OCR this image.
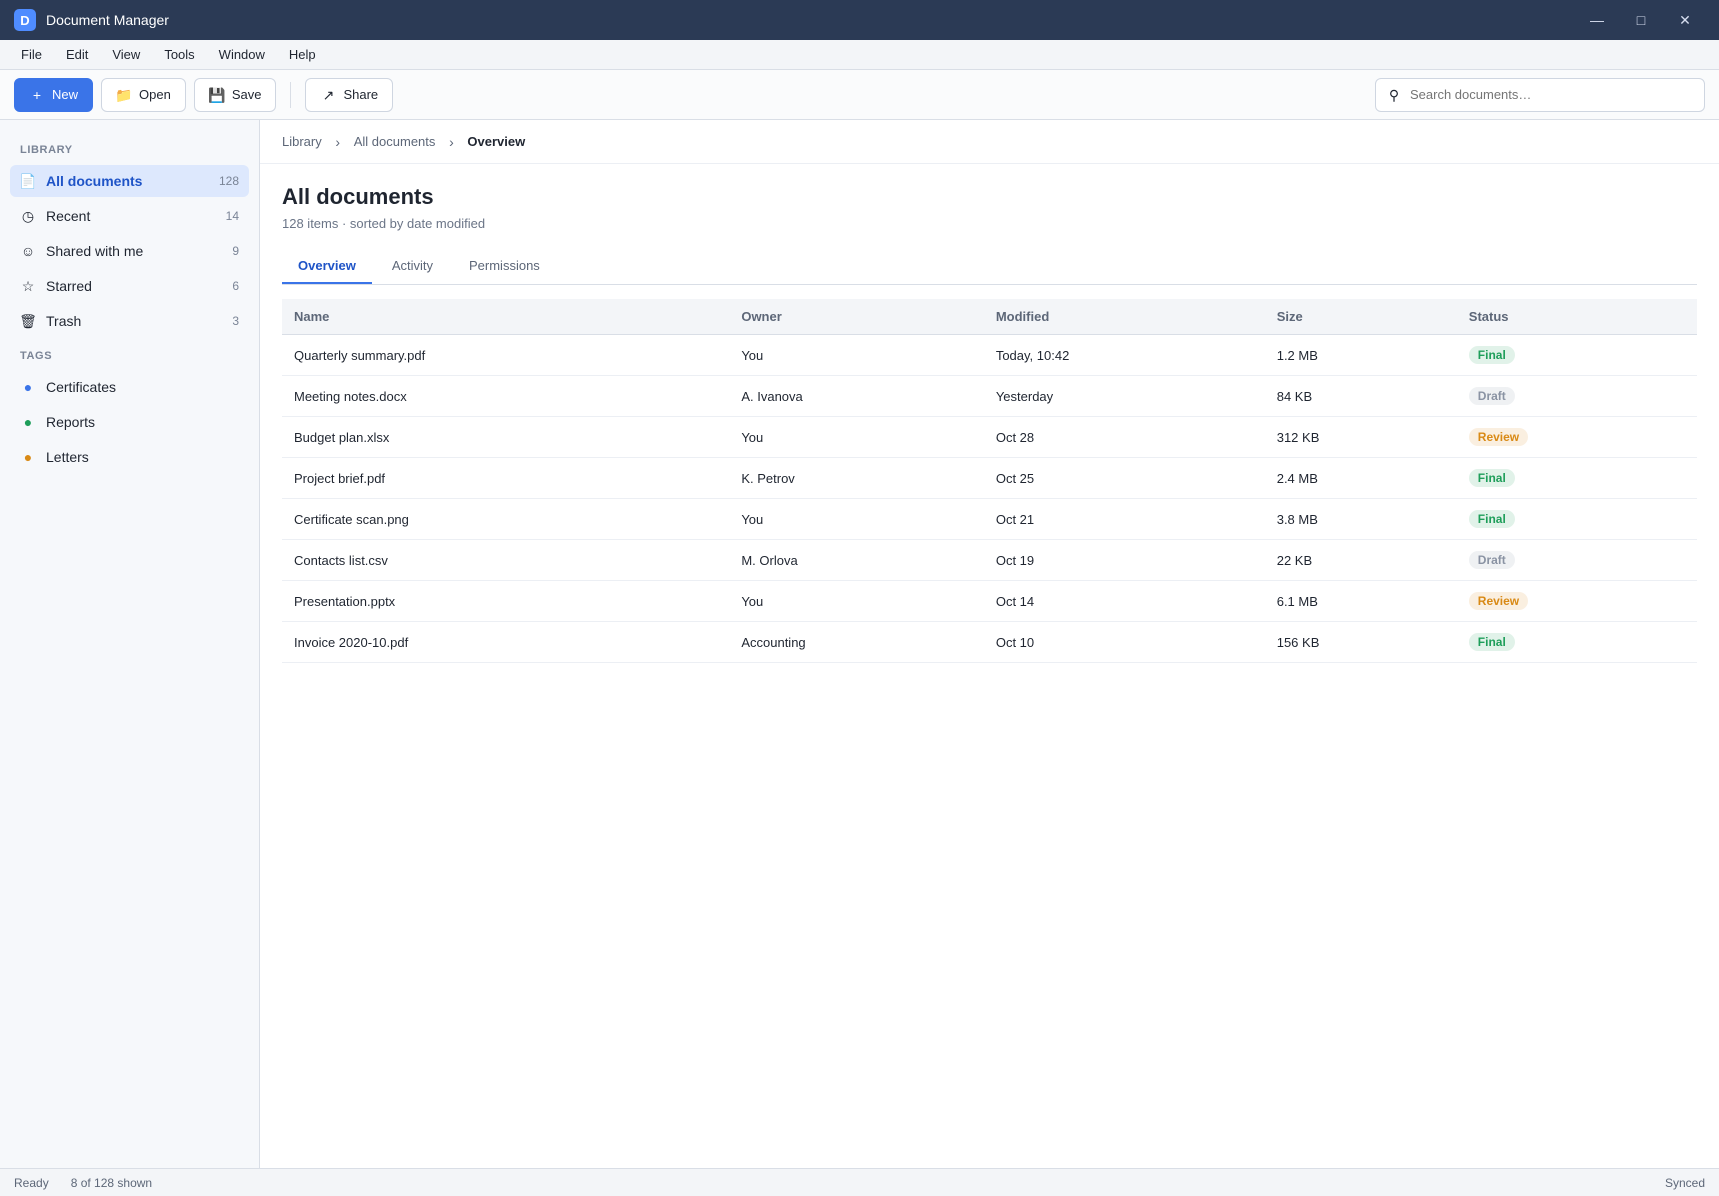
D	Document Manager	— □ ✕
File	Edit	View	Tools	Window	Help
+ New	📁 Open	💾 Save	↗ Share	⚲
Search documents…
LIBRARY
📄 All documents	128
◷ Recent	14
☺ Shared with me	9
☆ Starred	6
🗑 Trash	3
TAGS
● Certificates
● Reports
● Letters
Library ›	All documents ›	Overview
All documents
128 items · sorted by date modified
Overview	Activity	Permissions
Name	Owner	Modified	Size	Status
Quarterly summary.pdf	You	Today, 10:42	1.2 MB	Final
Meeting notes.docx	A. Ivanova	Yesterday	84 KB	Draft
Budget plan.xlsx	You	Oct 28	312 KB	Review
Project brief.pdf	K. Petrov	Oct 25	2.4 MB	Final
Certificate scan.png	You	Oct 21	3.8 MB	Final
Contacts list.csv	M. Orlova	Oct 19	22 KB	Draft
Presentation.pptx	You	Oct 14	6.1 MB	Review
Invoice 2020-10.pdf	Accounting	Oct 10	156 KB	Final
Ready 8 of 128 shown	Synced
